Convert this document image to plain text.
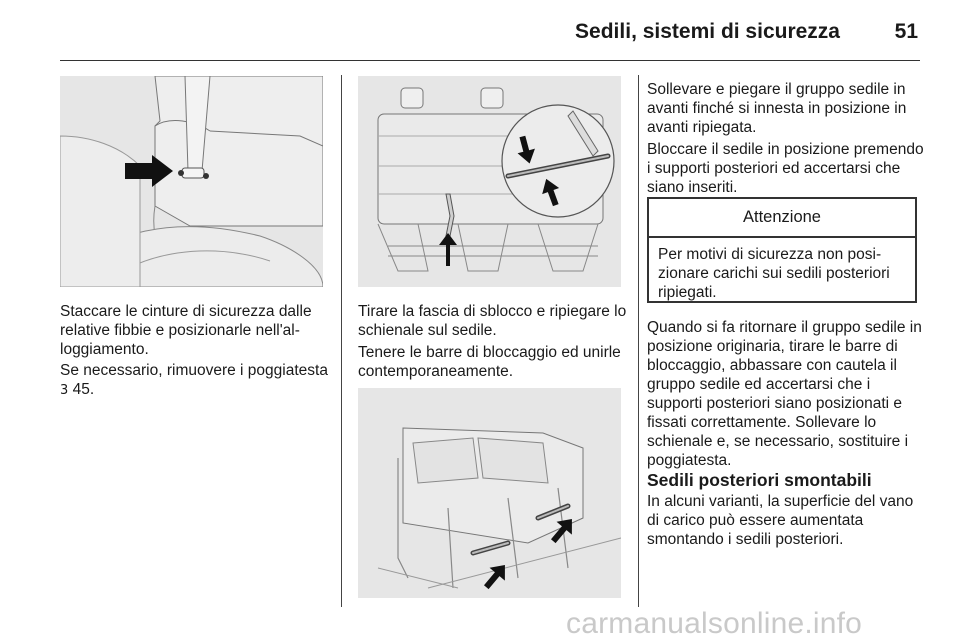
Sedili, sistemi di sicurezza	51

Staccare le cinture di sicurezza dalle relative fibbie e posizionarle nell'alloggiamento.

Se necessario, rimuovere i poggiatesta 3 45.

Tirare la fascia di sblocco e ripiegare lo schienale sul sedile.

Tenere le barre di bloccaggio ed unirle contemporaneamente.

Sollevare e piegare il gruppo sedile in avanti finché si innesta in posizione in avanti ripiegata.

Bloccare il sedile in posizione premendo i supporti posteriori ed accertarsi che siano inseriti.

Attenzione
Per motivi di sicurezza non posizionare carichi sui sedili posteriori ripiegati.

Quando si fa ritornare il gruppo sedile in posizione originaria, tirare le barre di bloccaggio, abbassare con cautela il gruppo sedile ed accertarsi che i supporti posteriori siano posizionati e fissati correttamente. Sollevare lo schienale e, se necessario, sostituire i poggiatesta.

Sedili posteriori smontabili

In alcuni varianti, la superficie del vano di carico può essere aumentata smontando i sedili posteriori.

carmanualsonline.info
